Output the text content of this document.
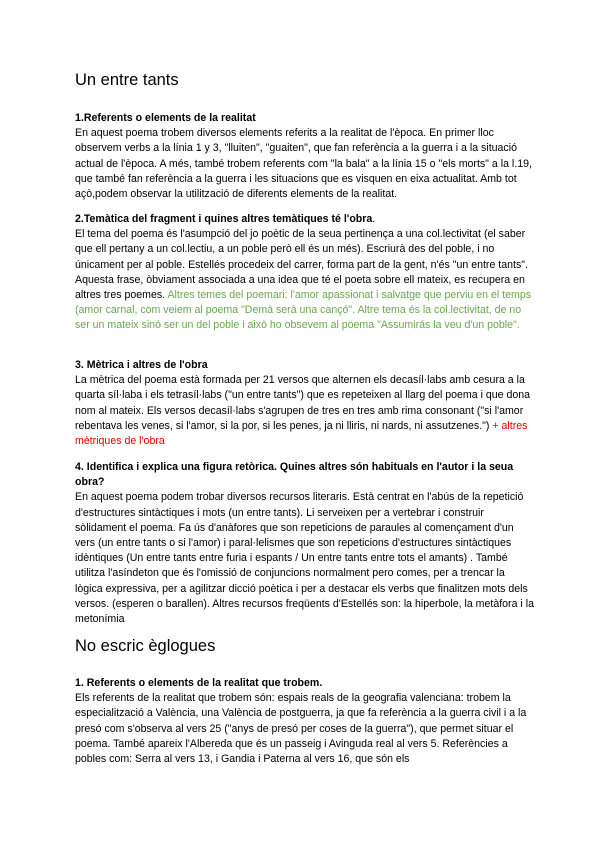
Un entre tants
1.Referents o elements de la realitat

En aquest poema trobem diversos elements referits a la realitat de l'època. En primer lloc observem verbs a la línia 1 y 3, "lluiten", "guaiten", que fan referència a la guerra i a la situació actual de l'època. A més, també trobem referents com "la bala" a la línia 15 o "els morts" a la l.19, que també fan referència a la guerra i les situacions que es visquen en eixa actualitat. Amb tot açò,podem observar la utilització de diferents elements de la realitat.

2.Temàtica del fragment i quines altres temàtiques té l'obra.

El tema del poema és l'asumpció del jo poètic de la seua pertinença a una col.lectivitat (el saber que ell pertany a un col.lectiu, a un poble però ell és un més). Escriurà des del poble, i no únicament per al poble. Estellés procedeix del carrer, forma part de la gent, n'és "un entre tants". Aquesta frase, òbviament associada a una idea que té el poeta sobre ell mateix, es recupera en altres tres poemes. Altres temes del poemari: l'amor apassionat i salvatge que perviu en el temps (amor carnal, com veiem al poema "Demà serà una cançó". Altre tema és la col.lectivitat, de no ser un mateix sinó ser un del poble i això ho obsevem al poema "Assumirás la veu d'un poble".

3. Mètrica i altres de l'obra

La mètrica del poema està formada per 21 versos que alternen els decasíl·labs amb cesura a la quarta síl·laba i els tetrasíl·labs ("un entre tants") que es repeteixen al llarg del poema i que dona nom al mateix. Els versos decasíl·labs s'agrupen de tres en tres amb rima consonant ("si l'amor rebentava les venes, si l'amor, si la por, si les penes, ja ni lliris, ni nards, ni assutzenes.") + altres mètriques de l'obra

4. Identifica i explica una figura retòrica. Quines altres són habituals en l'autor i la seua obra?

En aquest poema podem trobar diversos recursos literaris. Està centrat en l'abús de la repetició d'estructures sintàctiques i mots (un entre tants). Li serveixen per a vertebrar i construir sòlidament el poema. Fa ús d'anàfores que son repeticions de paraules al començament d'un vers (un entre tants o si l'amor) i paral·lelismes que son repeticions d'estructures sintàctiques idèntiques (Un entre tants entre furia i espants / Un entre tants entre tots el amants) . També utilitza l'asíndeton que és l'omissió de conjuncions normalment pero comes, per a trencar la lògica expressiva, per a agilitzar dicció poètica i per a destacar els verbs que finalitzen mots dels versos. (esperen o barallen). Altres recursos freqüents d'Estellés son: la hiperbole, la metàfora i la metonímia

No escric èglogues
1. Referents o elements de la realitat que trobem.

Els referents de la realitat que trobem són: espais reals de la geografia valenciana: trobem la especialització a València, una València de postguerra, ja que fa referència a la guerra civil i a la presó com s'observa al vers 25 ("anys de presó per coses de la guerra"), que permet situar el poema. També apareix l'Albereda que és un passeig i Avinguda real al vers 5. Referències a pobles com: Serra al vers 13, i Gandia i Paterna al vers 16, que són els
